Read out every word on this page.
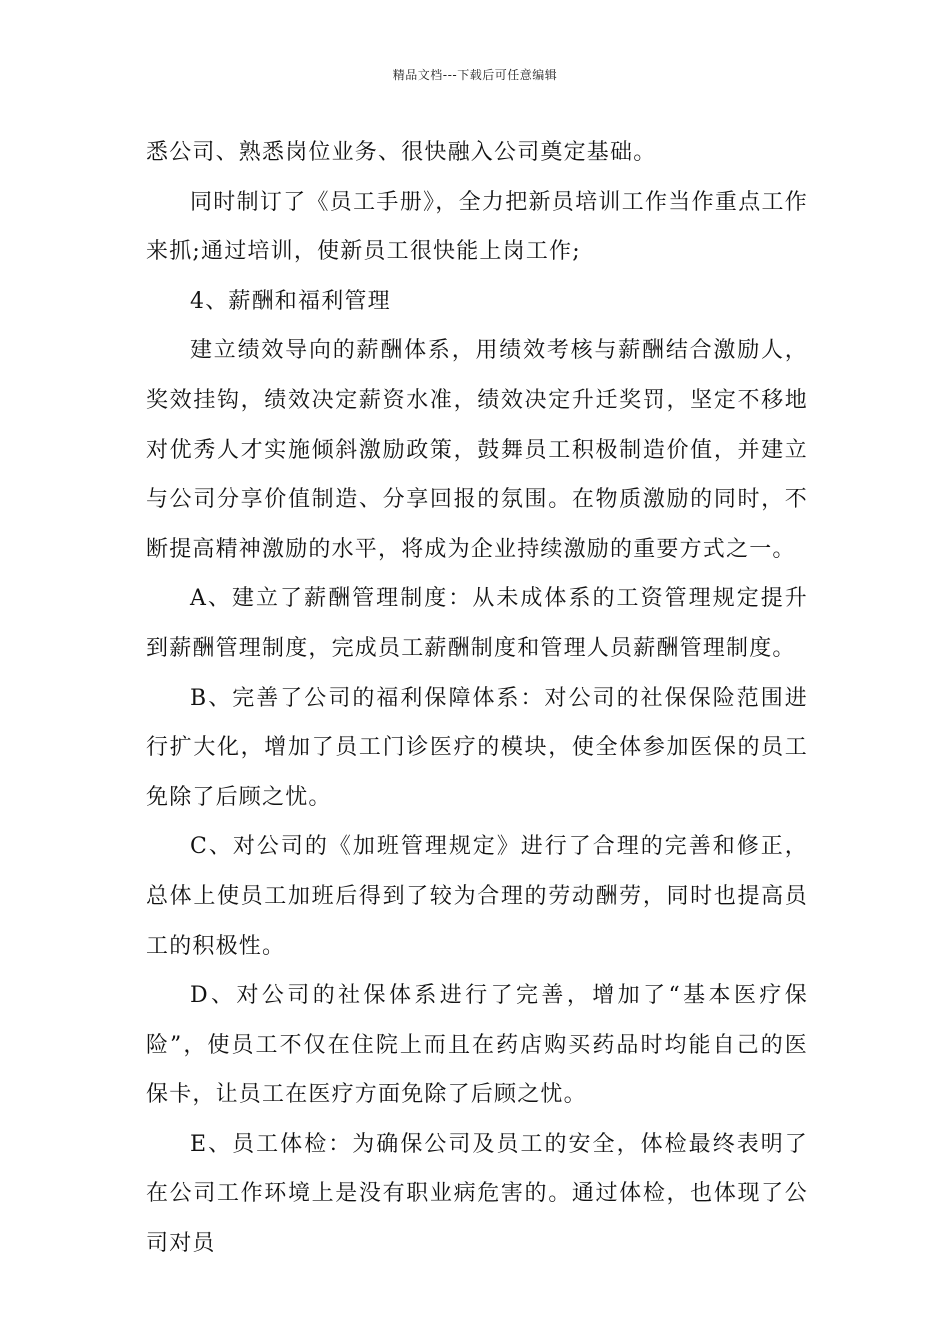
精品文档---下载后可任意编辑

悉公司、熟悉岗位业务、很快融入公司奠定基础。

同时制订了《员工手册》，全力把新员培训工作当作重点工作来抓;通过培训，使新员工很快能上岗工作;

4、薪酬和福利管理

建立绩效导向的薪酬体系，用绩效考核与薪酬结合激励人，奖效挂钩，绩效决定薪资水准，绩效决定升迁奖罚，坚定不移地对优秀人才实施倾斜激励政策，鼓舞员工积极制造价值，并建立与公司分享价值制造、分享回报的氛围。在物质激励的同时，不断提高精神激励的水平，将成为企业持续激励的重要方式之一。

A、建立了薪酬管理制度：从未成体系的工资管理规定提升到薪酬管理制度，完成员工薪酬制度和管理人员薪酬管理制度。

B、完善了公司的福利保障体系：对公司的社保保险范围进行扩大化，增加了员工门诊医疗的模块，使全体参加医保的员工免除了后顾之忧。

C、对公司的《加班管理规定》进行了合理的完善和修正，总体上使员工加班后得到了较为合理的劳动酬劳，同时也提高员工的积极性。

D、对公司的社保体系进行了完善，增加了“基本医疗保险”，使员工不仅在住院上而且在药店购买药品时均能自己的医保卡，让员工在医疗方面免除了后顾之忧。

E、员工体检：为确保公司及员工的安全，体检最终表明了在公司工作环境上是没有职业病危害的。通过体检，也体现了公司对员
